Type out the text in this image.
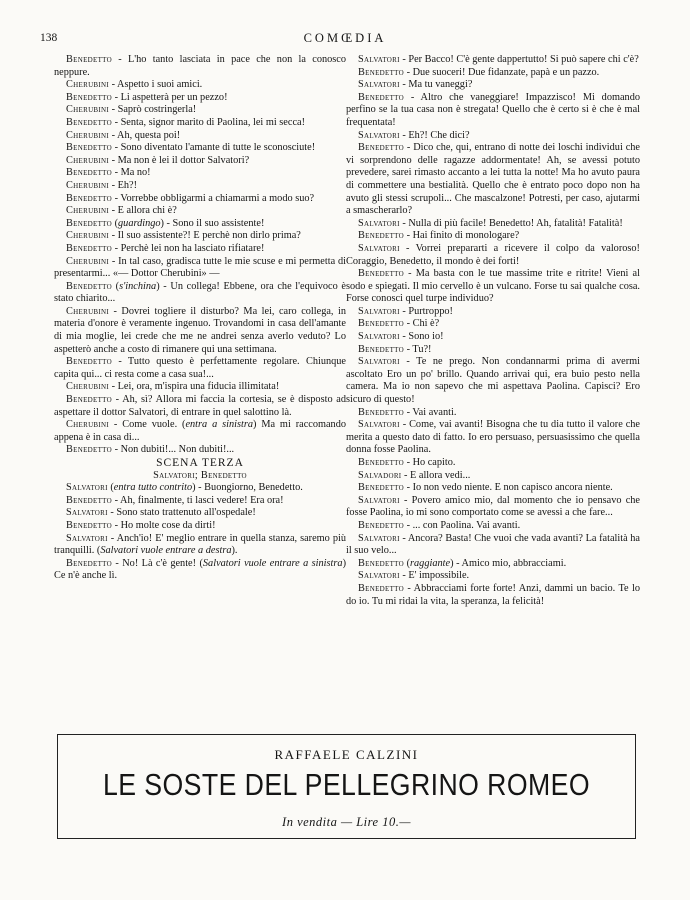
138	COMŒDIA

Benedetto - L'ho tanto lasciata in pace che non la conosco neppure.

Cherubini - Aspetto i suoi amici.

Benedetto - Li aspetterà per un pezzo!

Cherubini - Saprò costringerla!

Benedetto - Senta, signor marito di Paolina, lei mi secca!

Cherubini - Ah, questa poi!

Benedetto - Sono diventato l'amante di tutte le sconosciute!

Cherubini - Ma non è lei il dottor Salvatori?

Benedetto - Ma no!

Cherubini - Eh?!

Benedetto - Vorrebbe obbligarmi a chiamarmi a modo suo?

Cherubini - E allora chi è?

Benedetto (guardingo) - Sono il suo assistente!

Cherubini - Il suo assistente?! E perchè non dirlo prima?

Benedetto - Perchè lei non ha lasciato rifiatare!

Cherubini - In tal caso, gradisca tutte le mie scuse e mi permetta di presentarmi... «— Dottor Cherubini» —

Benedetto (s'inchina) - Un collega! Ebbene, ora che l'equivoco è stato chiarito...

Cherubini - Dovrei togliere il disturbo? Ma lei, caro collega, in materia d'onore è veramente ingenuo. Trovandomi in casa dell'amante di mia moglie, lei crede che me ne andrei senza averlo veduto? Lo aspetterò anche a costo di rimanere qui una settimana.

Benedetto - Tutto questo è perfettamente regolare. Chiunque capita qui... ci resta come a casa sua!...

Cherubini - Lei, ora, m'ispira una fiducia illimitata!

Benedetto - Ah, sì? Allora mi faccia la cortesia, se è disposto ad aspettare il dottor Salvatori, di entrare in quel salottino là.

Cherubini - Come vuole. (entra a sinistra) Ma mi raccomando appena è in casa di...

Benedetto - Non dubiti!... Non dubiti!...

SCENA TERZA

Salvatori; Benedetto

Salvatori (entra tutto contrito) - Buongiorno, Benedetto.

Benedetto - Ah, finalmente, ti lasci vedere! Era ora!

Salvatori - Sono stato trattenuto all'ospedale!

Benedetto - Ho molte cose da dirti!

Salvatori - Anch'io! E' meglio entrare in quella stanza, saremo più tranquilli. (Salvatori vuole entrare a destra).

Benedetto - No! Là c'è gente! (Salvatori vuole entrare a sinistra) Ce n'è anche lì.

Salvatori - Per Bacco! C'è gente dappertutto! Si può sapere chi c'è?

Benedetto - Due suoceri! Due fidanzate, papà e un pazzo.

Salvatori - Ma tu vaneggi?

Benedetto - Altro che vaneggiare! Impazzisco! Mi domando perfino se la tua casa non è stregata! Quello che è certo si è che è mal frequentata!

Salvatori - Eh?! Che dici?

Benedetto - Dico che, qui, entrano di notte dei loschi individui che vi sorprendono delle ragazze addormentate! Ah, se avessi potuto prevedere, sarei rimasto accanto a lei tutta la notte! Ma ho avuto paura di commettere una bestialità. Quello che è entrato poco dopo non ha avuto gli stessi scrupoli... Che mascalzone! Potresti, per caso, ajutarmi a smascherarlo?

Salvatori - Nulla di più facile! Benedetto! Ah, fatalità! Fatalità!

Benedetto - Hai finito di monologare?

Salvatori - Vorrei prepararti a ricevere il colpo da valoroso! Coraggio, Benedetto, il mondo è dei forti!

Benedetto - Ma basta con le tue massime trite e ritrite! Vieni al sodo e spiegati. Il mio cervello è un vulcano. Forse tu sai qualche cosa. Forse conosci quel turpe individuo?

Salvatori - Purtroppo!

Benedetto - Chi è?

Salvatori - Sono io!

Benedetto - Tu?!

Salvatori - Te ne prego. Non condannarmi prima di avermi ascoltato Ero un po' brillo. Quando arrivai qui, era buio pesto nella camera. Ma io non sapevo che mi aspettava Paolina. Capisci? Ero sicuro di questo!

Benedetto - Vai avanti.

Salvatori - Come, vai avanti! Bisogna che tu dia tutto il valore che merita a questo dato di fatto. Io ero persuaso, persuasissimo che quella donna fosse Paolina.

Benedetto - Ho capito.

Salvadori - E allora vedi...

Benedetto - Io non vedo niente. E non capisco ancora niente.

Salvatori - Povero amico mio, dal momento che io pensavo che fosse Paolina, io mi sono comportato come se avessi a che fare...

Benedetto - ... con Paolina. Vai avanti.

Salvatori - Ancora? Basta! Che vuoi che vada avanti? La fatalità ha il suo velo...

Benedetto (raggiante) - Amico mio, abbracciami.

Salvatori - E' impossibile.

Benedetto - Abbracciami forte forte! Anzi, dammi un bacio. Te lo do io. Tu mi ridai la vita, la speranza, la felicità!

RAFFAELE CALZINI
LE SOSTE DEL PELLEGRINO ROMEO
In vendita — Lire 10.—
